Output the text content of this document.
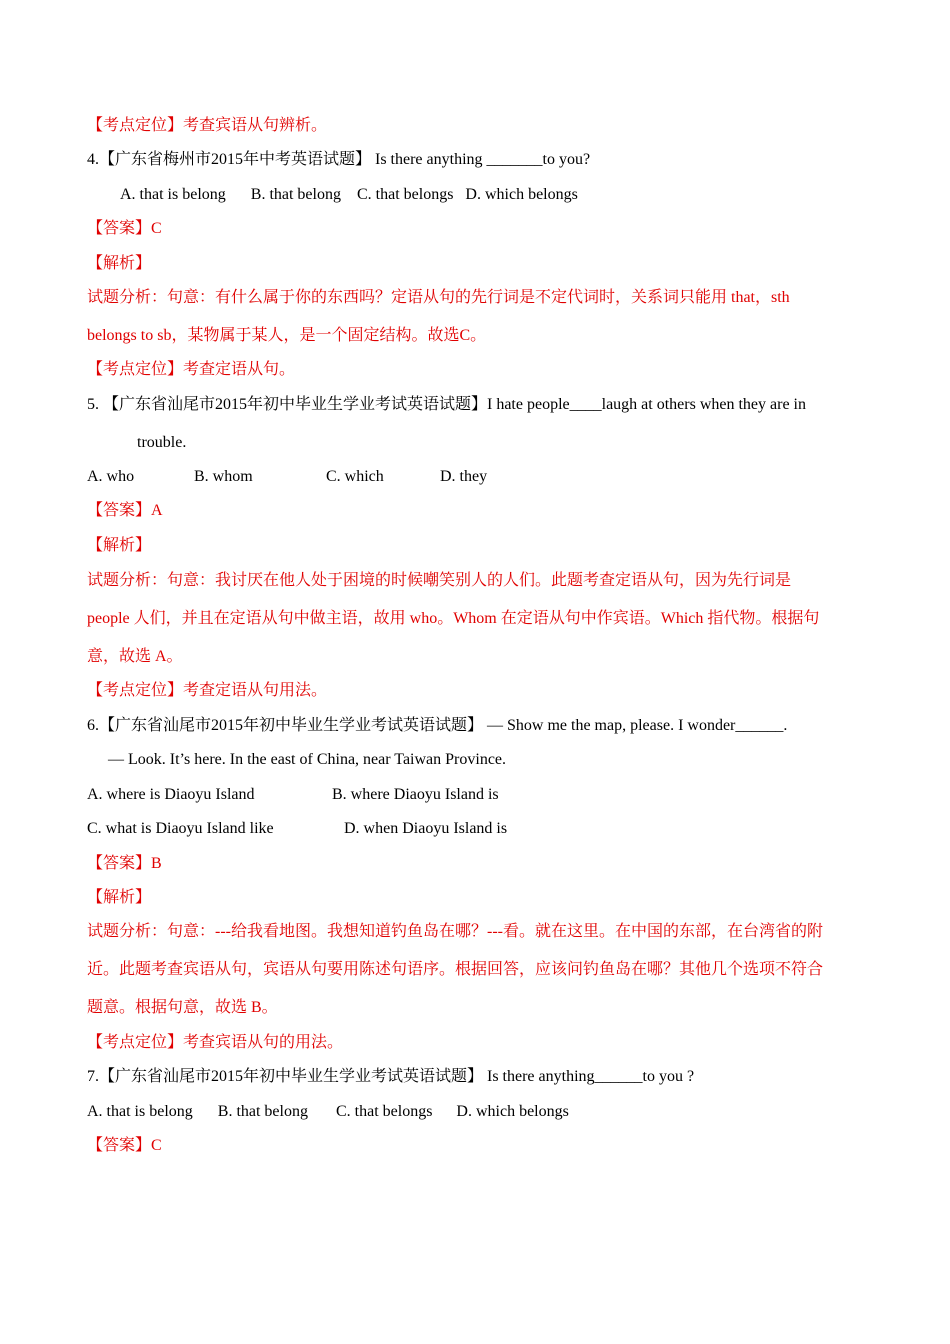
【考点定位】考查宾语从句辨析。
4.【广东省梅州市2015年中考英语试题】 Is there anything _______to you?
A. that is belong B. that belong C. that belongs D. which belongs
【答案】C
【解析】
试题分析：句意：有什么属于你的东西吗？定语从句的先行词是不定代词时，关系词只能用 that，sth
belongs to sb，某物属于某人，是一个固定结构。故选C。
【考点定位】考查定语从句。
5. 【广东省汕尾市2015年初中毕业生学业考试英语试题】I hate people____laugh at others when they are in
trouble.
A. who	B. whom	C. which	D. they
【答案】A
【解析】
试题分析：句意：我讨厌在他人处于困境的时候嘲笑别人的人们。此题考查定语从句，因为先行词是
people 人们，并且在定语从句中做主语，故用 who。Whom 在定语从句中作宾语。Which 指代物。根据句
意，故选 A。
【考点定位】考查定语从句用法。
6.【广东省汕尾市2015年初中毕业生学业考试英语试题】 — Show me the map, please. I wonder______.
— Look. It’s here. In the east of China, near Taiwan Province.
A. where is Diaoyu Island	B. where Diaoyu Island is
C. what is Diaoyu Island like	D. when Diaoyu Island is
【答案】B
【解析】
试题分析：句意：---给我看地图。我想知道钓鱼岛在哪？---看。就在这里。在中国的东部，在台湾省的附
近。此题考查宾语从句，宾语从句要用陈述句语序。根据回答，应该问钓鱼岛在哪？其他几个选项不符合
题意。根据句意，故选 B。
【考点定位】考查宾语从句的用法。
7.【广东省汕尾市2015年初中毕业生学业考试英语试题】 Is there anything______to you ?
A. that is belong B. that belong C. that belongs D. which belongs
【答案】C
